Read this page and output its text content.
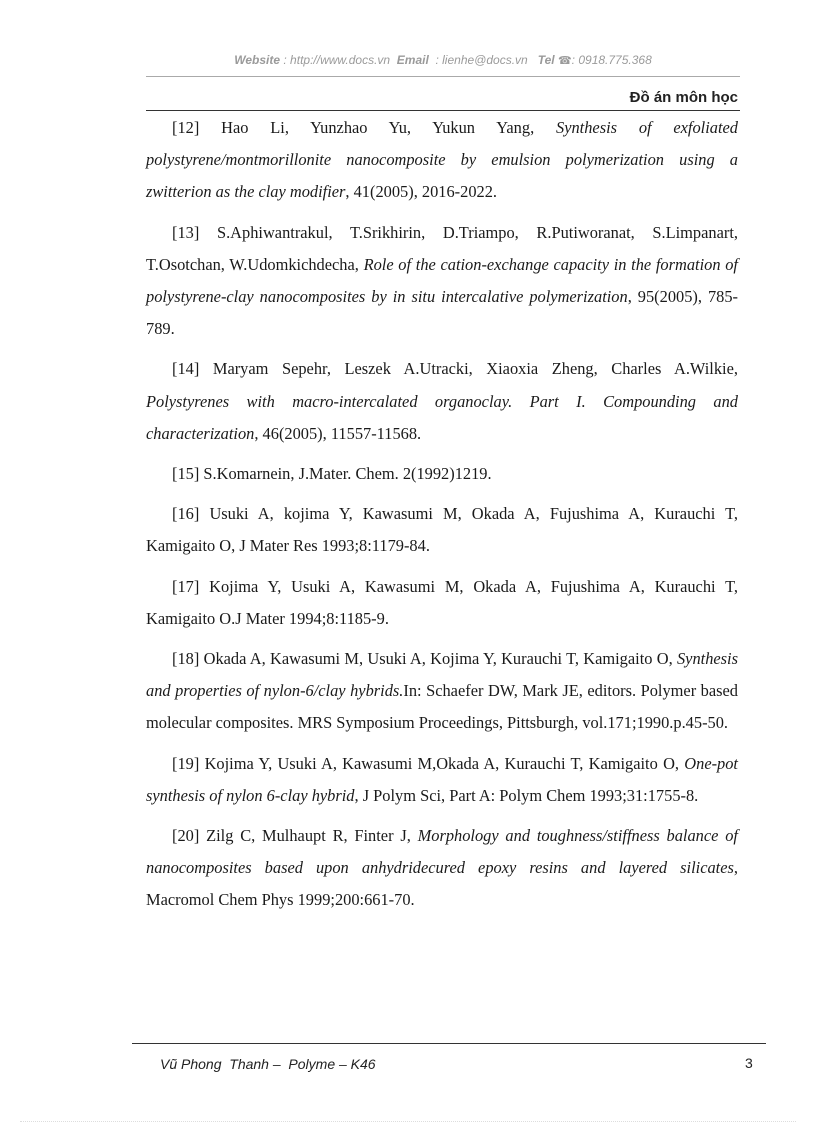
Website : http://www.docs.vn Email : lienhe@docs.vn Tel ☎: 0918.775.368
Đồ án môn học

[12] Hao Li, Yunzhao Yu, Yukun Yang, Synthesis of exfoliated polystyrene/montmorillonite nanocomposite by emulsion polymerization using a zwitterion as the clay modifier, 41(2005), 2016-2022.

[13] S.Aphiwantrakul, T.Srikhirin, D.Triampo, R.Putiworanat, S.Limpanart, T.Osotchan, W.Udomkichdecha, Role of the cation-exchange capacity in the formation of polystyrene-clay nanocomposites by in situ intercalative polymerization, 95(2005), 785-789.

[14] Maryam Sepehr, Leszek A.Utracki, Xiaoxia Zheng, Charles A.Wilkie, Polystyrenes with macro-intercalated organoclay. Part I. Compounding and characterization, 46(2005), 11557-11568.

[15] S.Komarnein, J.Mater. Chem. 2(1992)1219.

[16] Usuki A, kojima Y, Kawasumi M, Okada A, Fujushima A, Kurauchi T, Kamigaito O, J Mater Res 1993;8:1179-84.

[17] Kojima Y, Usuki A, Kawasumi M, Okada A, Fujushima A, Kurauchi T, Kamigaito O.J Mater 1994;8:1185-9.

[18] Okada A, Kawasumi M, Usuki A, Kojima Y, Kurauchi T, Kamigaito O, Synthesis and properties of nylon-6/clay hybrids.In: Schaefer DW, Mark JE, editors. Polymer based molecular composites. MRS Symposium Proceedings, Pittsburgh, vol.171;1990.p.45-50.

[19] Kojima Y, Usuki A, Kawasumi M,Okada A, Kurauchi T, Kamigaito O, One-pot synthesis of nylon 6-clay hybrid, J Polym Sci, Part A: Polym Chem 1993;31:1755-8.

[20] Zilg C, Mulhaupt R, Finter J, Morphology and toughness/stiffness balance of nanocomposites based upon anhydridecured epoxy resins and layered silicates, Macromol Chem Phys 1999;200:661-70.

Vũ Phong  Thanh –  Polyme – K46	3
